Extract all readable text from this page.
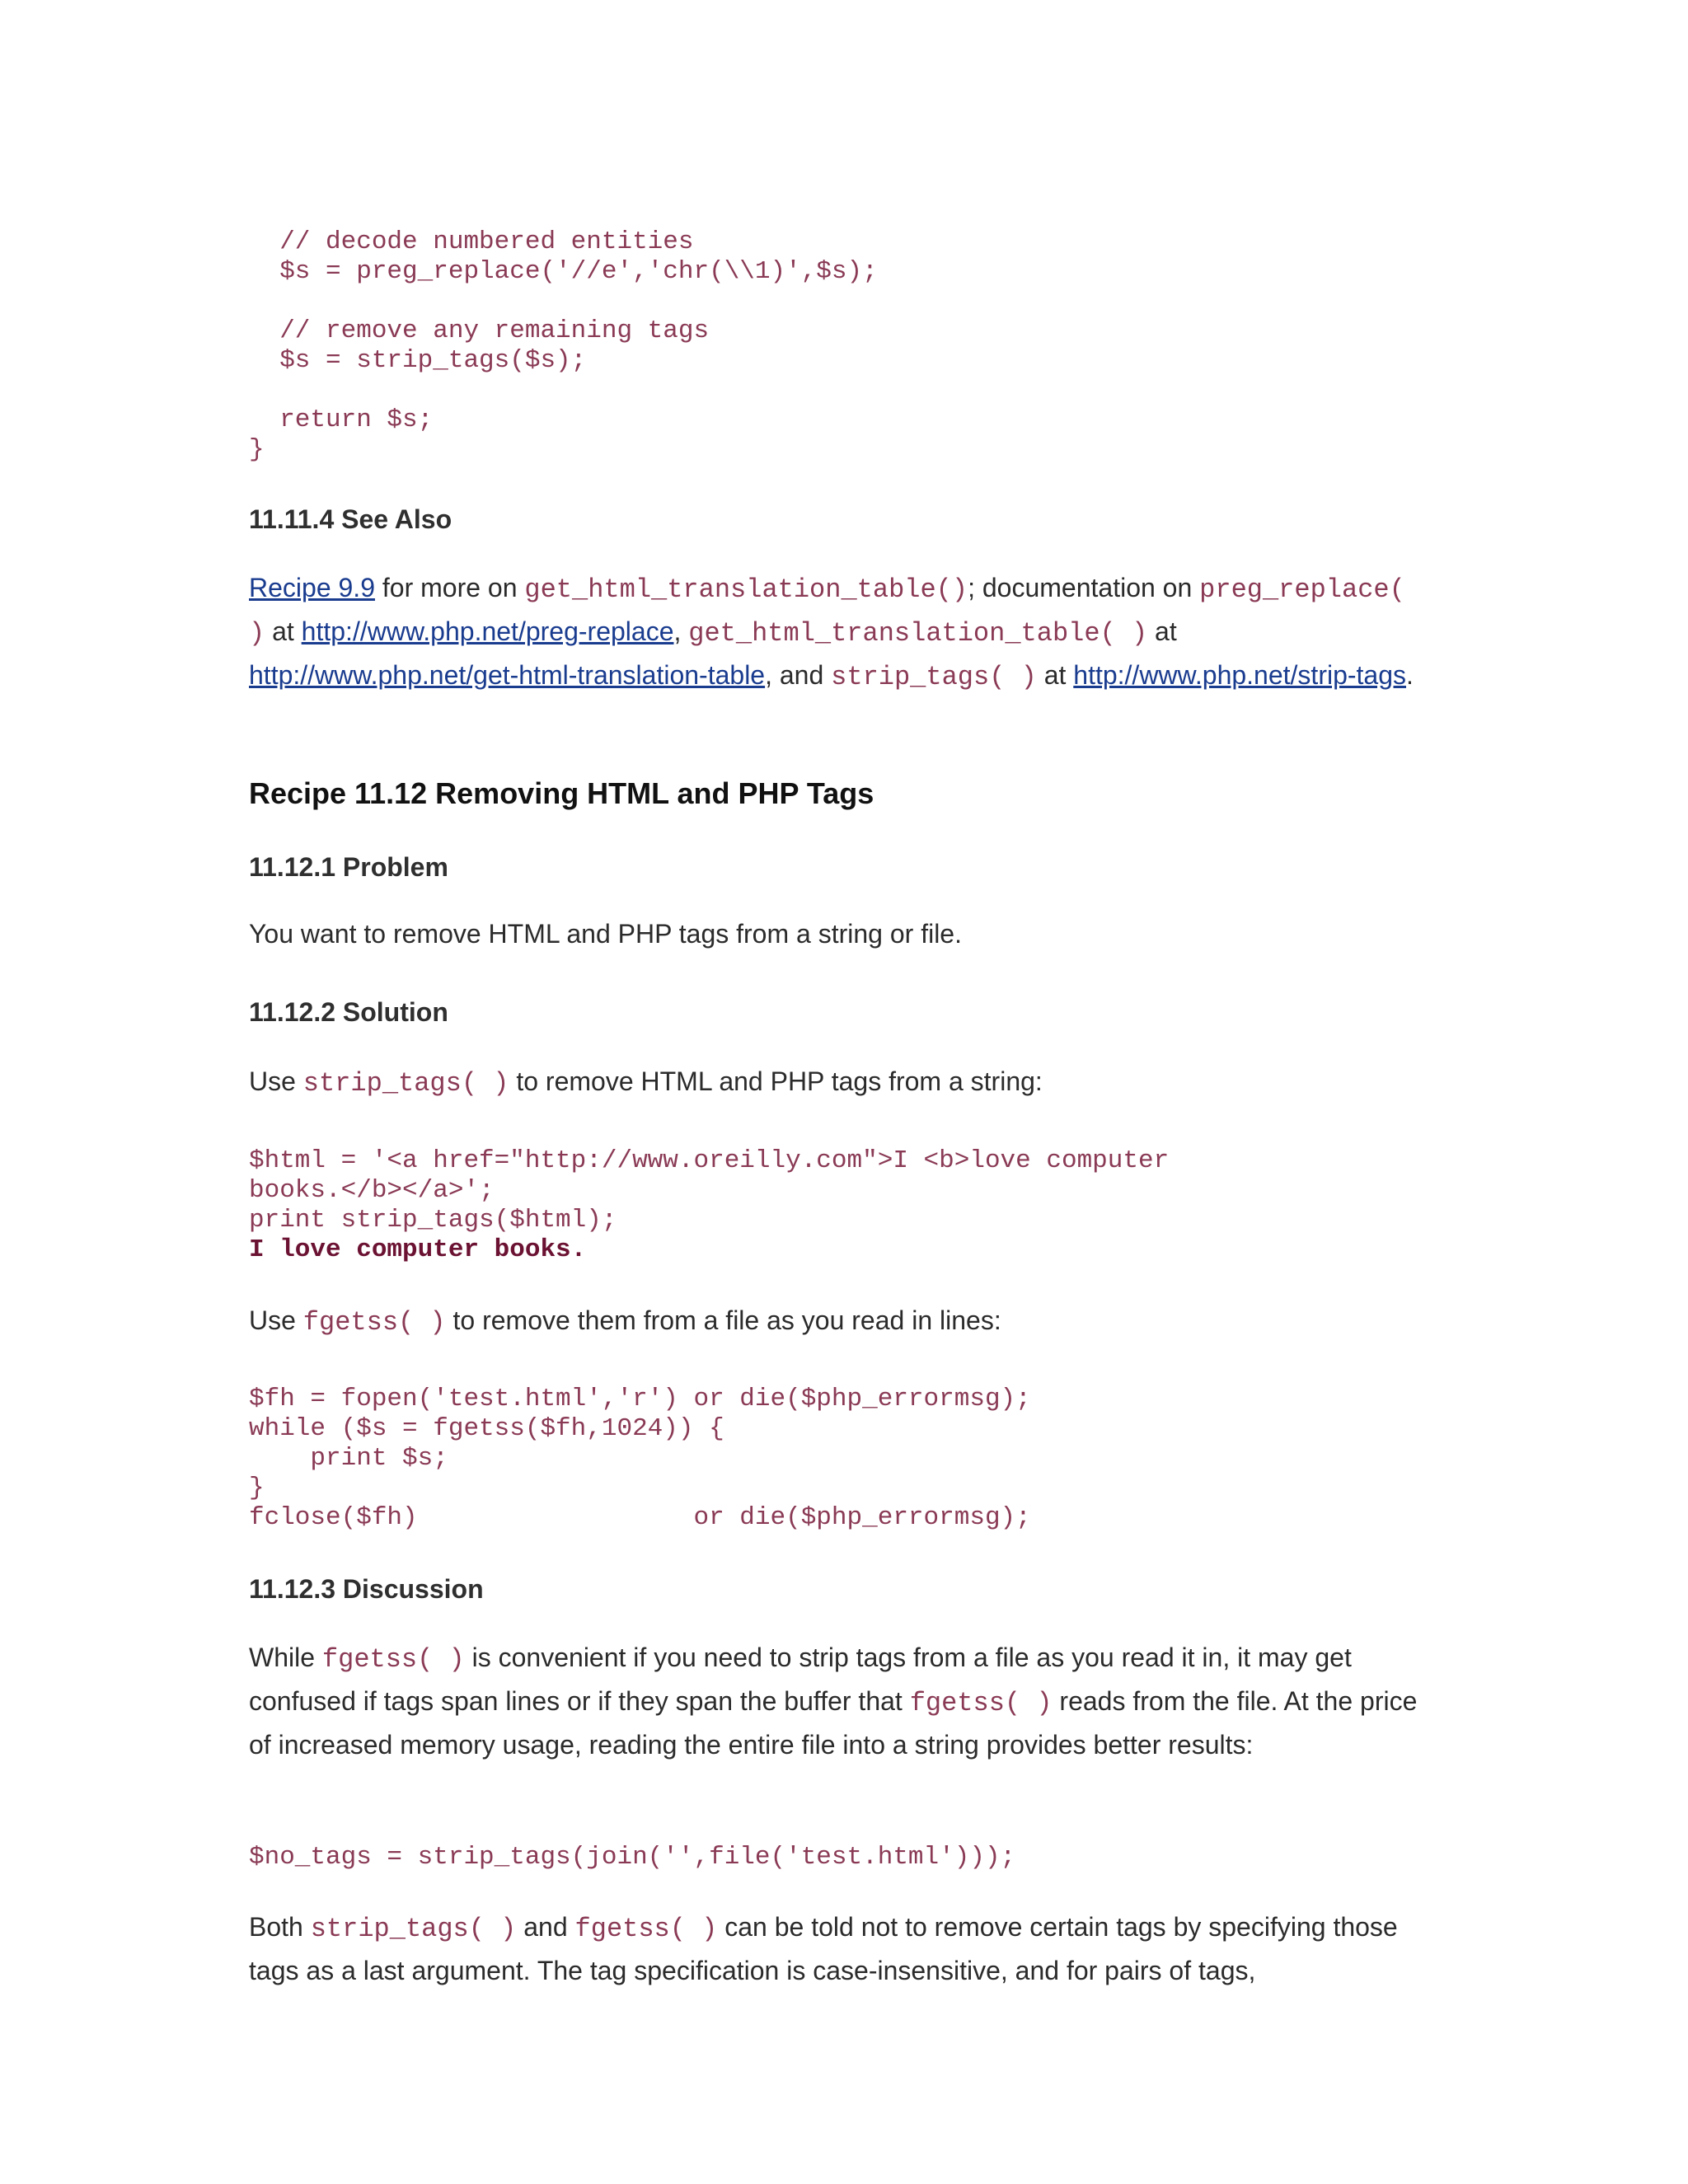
// decode numbered entities
$s = preg_replace('//e','chr(\\1)',$s);
// remove any remaining tags
$s = strip_tags($s);
return $s;
}
11.11.4 See Also

Recipe 9.9 for more on get_html_translation_table(); documentation on preg_replace( ) at http://www.php.net/preg-replace, get_html_translation_table( ) at http://www.php.net/get-html-translation-table, and strip_tags( ) at http://www.php.net/strip-tags.

Recipe 11.12 Removing HTML and PHP Tags
11.12.1 Problem

You want to remove HTML and PHP tags from a string or file.

11.12.2 Solution

Use strip_tags( ) to remove HTML and PHP tags from a string:

$html = '<a href="http://www.oreilly.com">I <b>love computer
books.</b></a>';
print strip_tags($html);
I love computer books.

Use fgetss( ) to remove them from a file as you read in lines:

$fh = fopen('test.html','r') or die($php_errormsg);
while ($s = fgetss($fh,1024)) {
print $s;
}
fclose($fh)                  or die($php_errormsg);
11.12.3 Discussion

While fgetss( ) is convenient if you need to strip tags from a file as you read it in, it may get confused if tags span lines or if they span the buffer that fgetss( ) reads from the file. At the price of increased memory usage, reading the entire file into a string provides better results:

$no_tags = strip_tags(join('',file('test.html')));

Both strip_tags( ) and fgetss( ) can be told not to remove certain tags by specifying those tags as a last argument. The tag specification is case-insensitive, and for pairs of tags,
